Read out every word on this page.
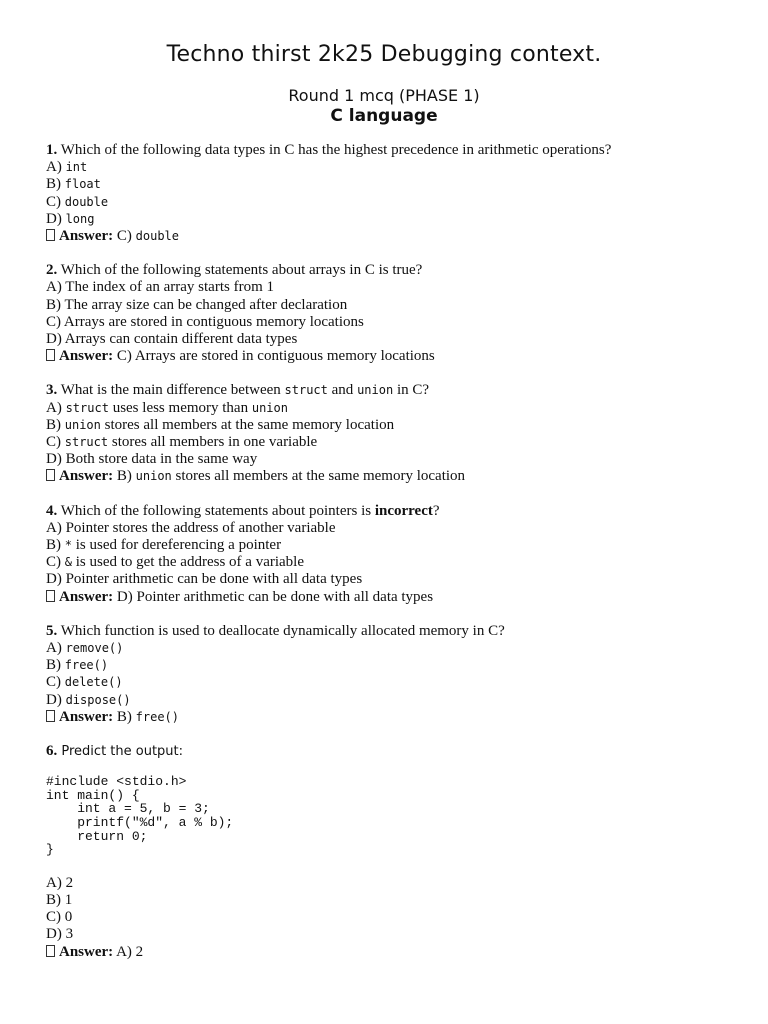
Techno thirst 2k25 Debugging context.
Round 1 mcq (PHASE 1)
C language
1. Which of the following data types in C has the highest precedence in arithmetic operations?
A) int
B) float
C) double
D) long
Answer: C) double
2. Which of the following statements about arrays in C is true?
A) The index of an array starts from 1
B) The array size can be changed after declaration
C) Arrays are stored in contiguous memory locations
D) Arrays can contain different data types
Answer: C) Arrays are stored in contiguous memory locations
3. What is the main difference between struct and union in C?
A) struct uses less memory than union
B) union stores all members at the same memory location
C) struct stores all members in one variable
D) Both store data in the same way
Answer: B) union stores all members at the same memory location
4. Which of the following statements about pointers is incorrect?
A) Pointer stores the address of another variable
B) * is used for dereferencing a pointer
C) & is used to get the address of a variable
D) Pointer arithmetic can be done with all data types
Answer: D) Pointer arithmetic can be done with all data types
5. Which function is used to deallocate dynamically allocated memory in C?
A) remove()
B) free()
C) delete()
D) dispose()
Answer: B) free()
6. Predict the output:
#include <stdio.h>
int main() {
int a = 5, b = 3;
printf("%d", a % b);
return 0;
}
A) 2
B) 1
C) 0
D) 3
Answer: A) 2
